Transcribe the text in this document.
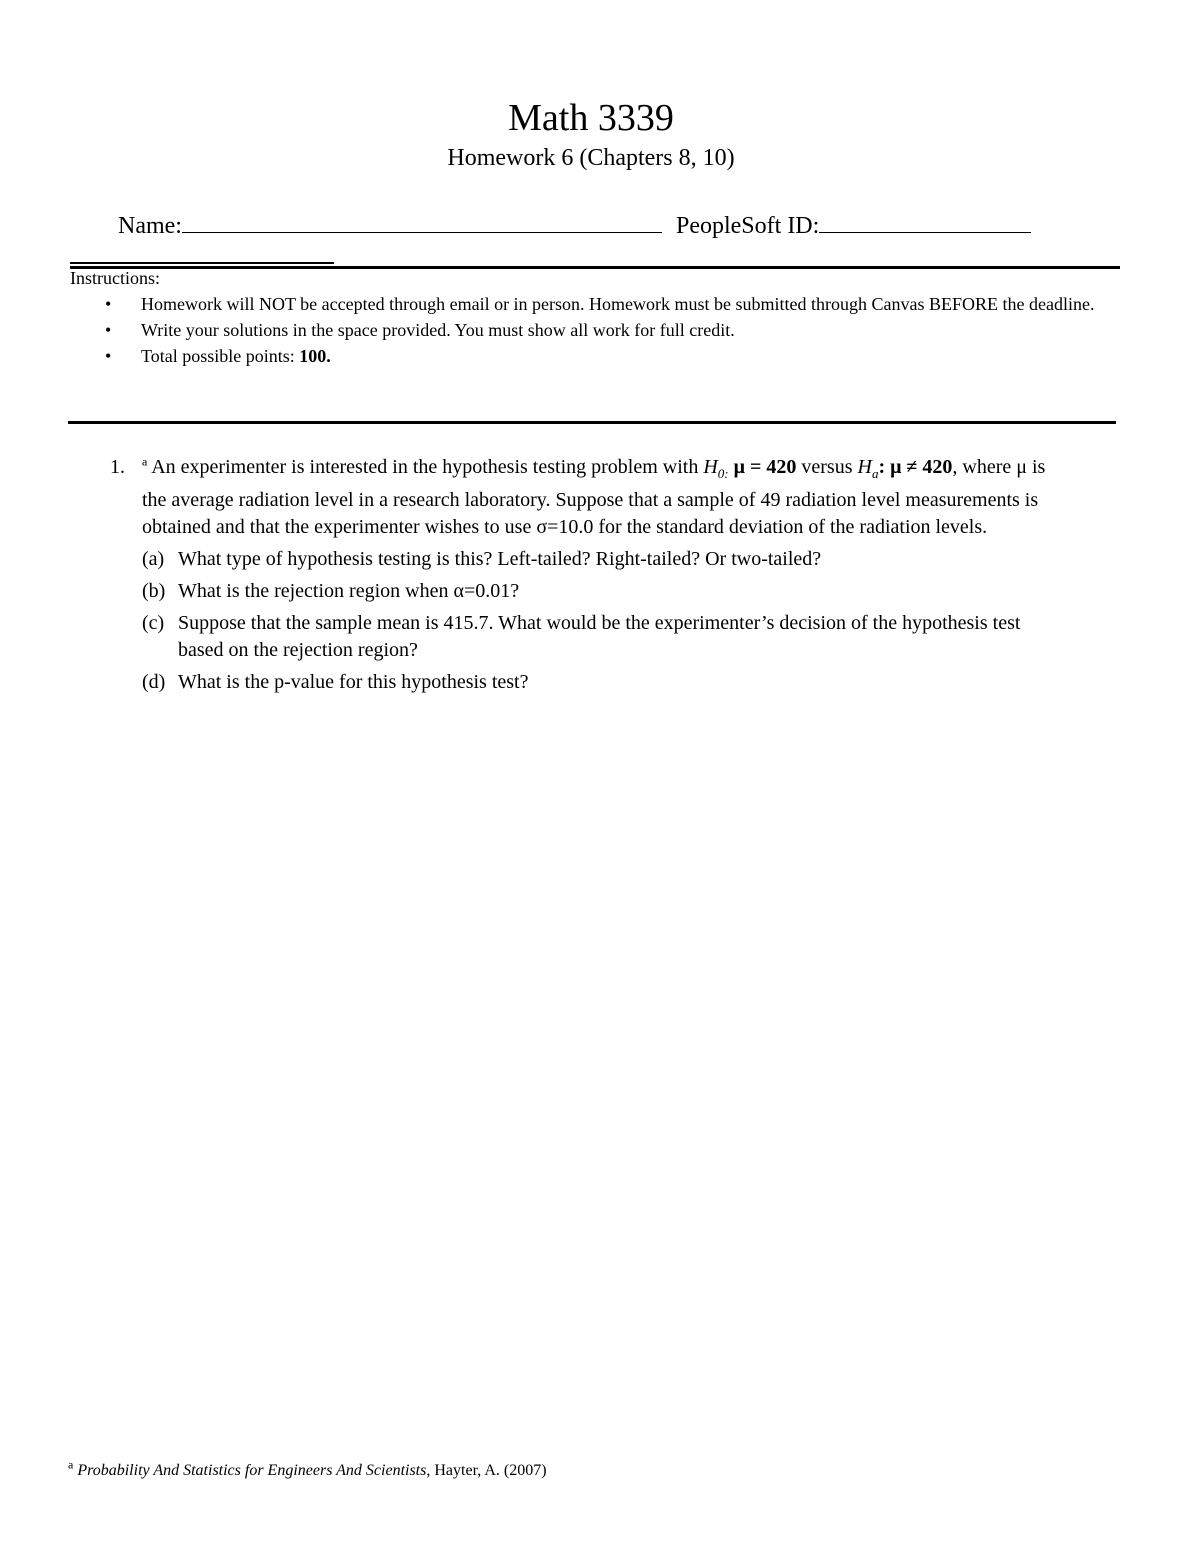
Math 3339
Homework 6 (Chapters 8, 10)
Name:	PeopleSoft ID:
Instructions:
• Homework will NOT be accepted through email or in person. Homework must be submitted through Canvas BEFORE the deadline.
• Write your solutions in the space provided. You must show all work for full credit.
• Total possible points: 100.
1. $^a$ An experimenter is interested in the hypothesis testing problem with $H_{0:}$ μ = 420 versus $H_a$: μ ≠ 420, where μ is the average radiation level in a research laboratory. Suppose that a sample of 49 radiation level measurements is obtained and that the experimenter wishes to use σ=10.0 for the standard deviation of the radiation levels.
(a) What type of hypothesis testing is this? Left-tailed? Right-tailed? Or two-tailed?
(b) What is the rejection region when α=0.01?
(c) Suppose that the sample mean is 415.7. What would be the experimenter’s decision of the hypothesis test based on the rejection region?
(d) What is the p-value for this hypothesis test?
$^a$ Probability And Statistics for Engineers And Scientists, Hayter, A. (2007)
